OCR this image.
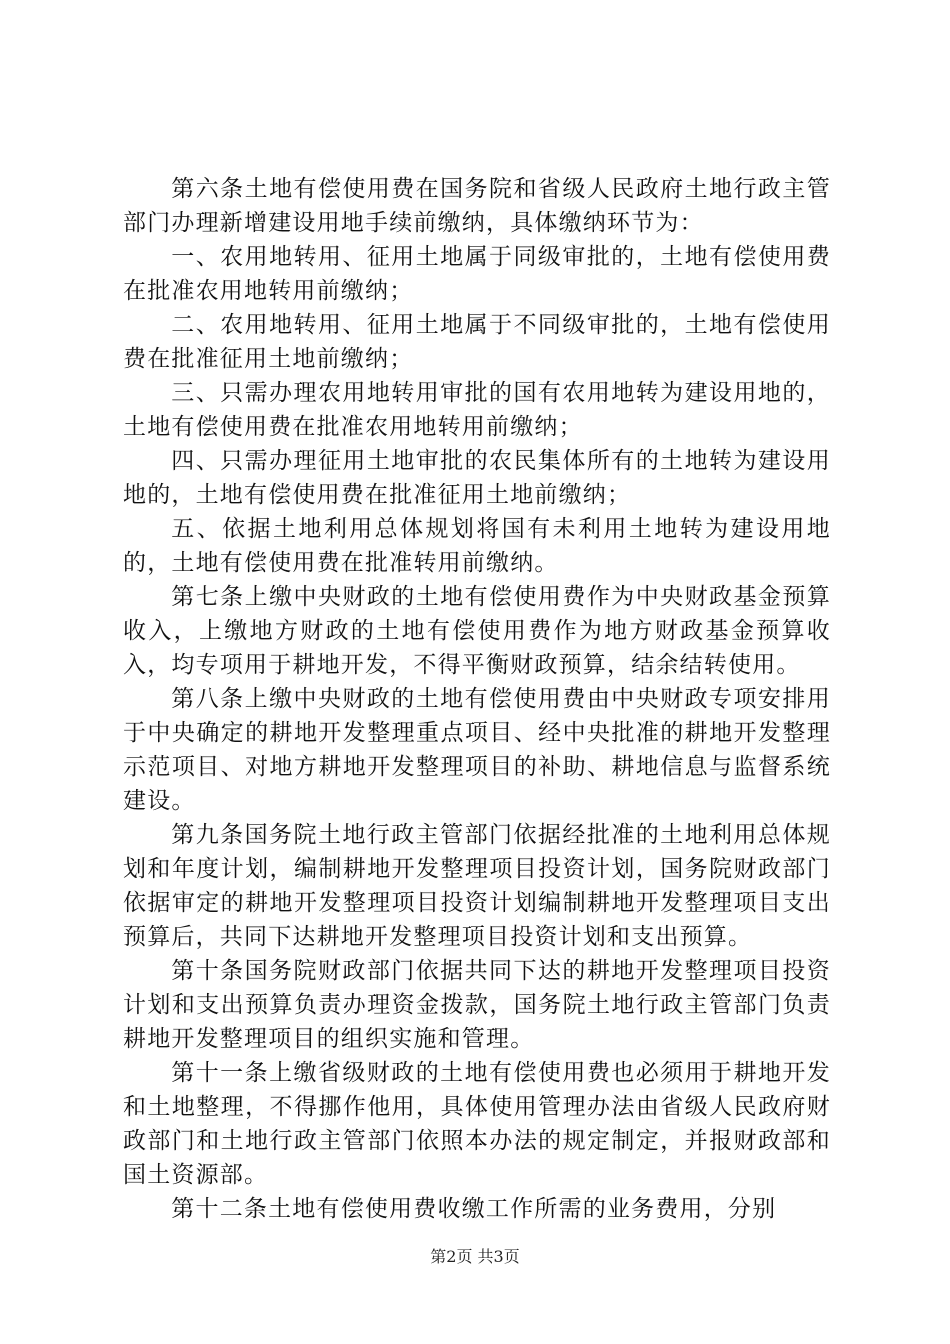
第六条土地有偿使用费在国务院和省级人民政府土地行政主管部门办理新增建设用地手续前缴纳，具体缴纳环节为：

一、农用地转用、征用土地属于同级审批的，土地有偿使用费在批准农用地转用前缴纳；

二、农用地转用、征用土地属于不同级审批的，土地有偿使用费在批准征用土地前缴纳；

三、只需办理农用地转用审批的国有农用地转为建设用地的，土地有偿使用费在批准农用地转用前缴纳；

四、只需办理征用土地审批的农民集体所有的土地转为建设用地的，土地有偿使用费在批准征用土地前缴纳；

五、依据土地利用总体规划将国有未利用土地转为建设用地的，土地有偿使用费在批准转用前缴纳。

第七条上缴中央财政的土地有偿使用费作为中央财政基金预算收入，上缴地方财政的土地有偿使用费作为地方财政基金预算收入，均专项用于耕地开发，不得平衡财政预算，结余结转使用。

第八条上缴中央财政的土地有偿使用费由中央财政专项安排用于中央确定的耕地开发整理重点项目、经中央批准的耕地开发整理示范项目、对地方耕地开发整理项目的补助、耕地信息与监督系统建设。

第九条国务院土地行政主管部门依据经批准的土地利用总体规划和年度计划，编制耕地开发整理项目投资计划，国务院财政部门依据审定的耕地开发整理项目投资计划编制耕地开发整理项目支出预算后，共同下达耕地开发整理项目投资计划和支出预算。

第十条国务院财政部门依据共同下达的耕地开发整理项目投资计划和支出预算负责办理资金拨款，国务院土地行政主管部门负责耕地开发整理项目的组织实施和管理。

第十一条上缴省级财政的土地有偿使用费也必须用于耕地开发和土地整理，不得挪作他用，具体使用管理办法由省级人民政府财政部门和土地行政主管部门依照本办法的规定制定，并报财政部和国土资源部。

第十二条土地有偿使用费收缴工作所需的业务费用，分别

第2页 共3页
